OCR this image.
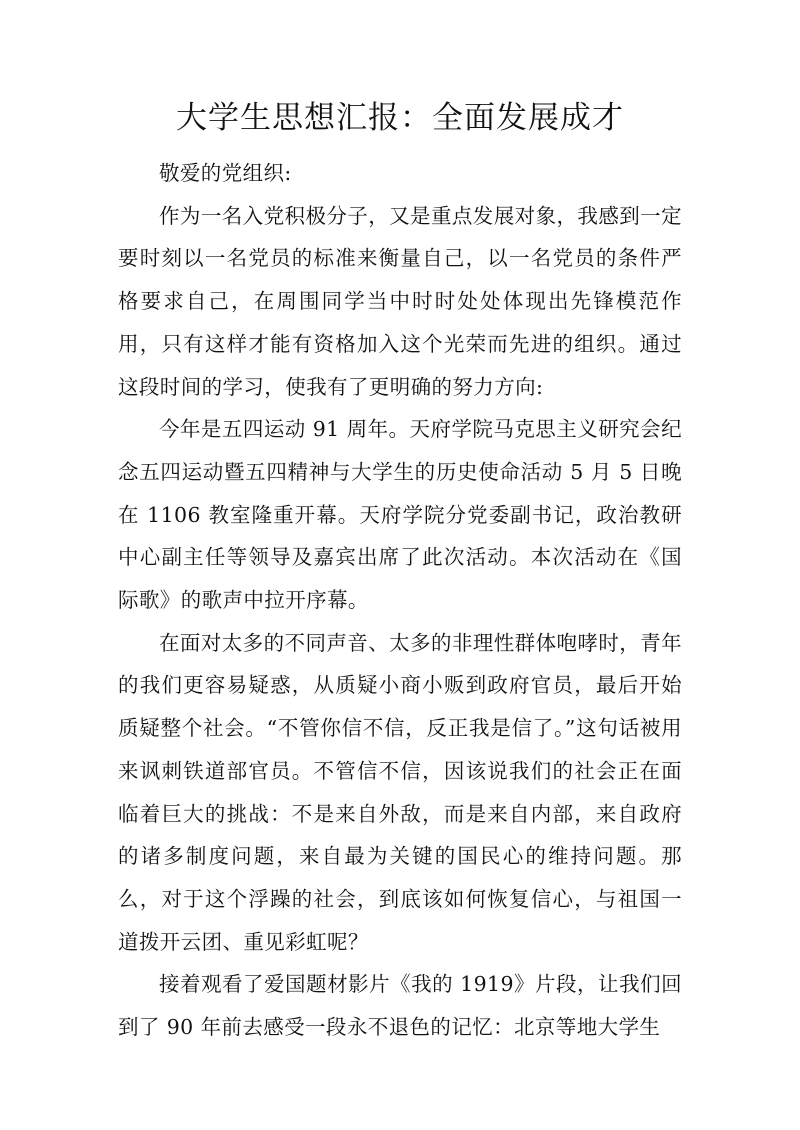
大学生思想汇报：全面发展成才

敬爱的党组织:

作为一名入党积极分子，又是重点发展对象，我感到一定要时刻以一名党员的标准来衡量自己，以一名党员的条件严格要求自己，在周围同学当中时时处处体现出先锋模范作用，只有这样才能有资格加入这个光荣而先进的组织。通过这段时间的学习，使我有了更明确的努力方向:

今年是五四运动 91 周年。天府学院马克思主义研究会纪念五四运动暨五四精神与大学生的历史使命活动 5 月 5 日晚在 1106 教室隆重开幕。天府学院分党委副书记，政治教研中心副主任等领导及嘉宾出席了此次活动。本次活动在《国际歌》的歌声中拉开序幕。

在面对太多的不同声音、太多的非理性群体咆哮时，青年的我们更容易疑惑，从质疑小商小贩到政府官员，最后开始质疑整个社会。“不管你信不信，反正我是信了。”这句话被用来讽刺铁道部官员。不管信不信，因该说我们的社会正在面临着巨大的挑战：不是来自外敌，而是来自内部，来自政府的诸多制度问题，来自最为关键的国民心的维持问题。那么，对于这个浮躁的社会，到底该如何恢复信心，与祖国一道拨开云团、重见彩虹呢？

接着观看了爱国题材影片《我的 1919》片段，让我们回到了 90 年前去感受一段永不退色的记忆：北京等地大学生
